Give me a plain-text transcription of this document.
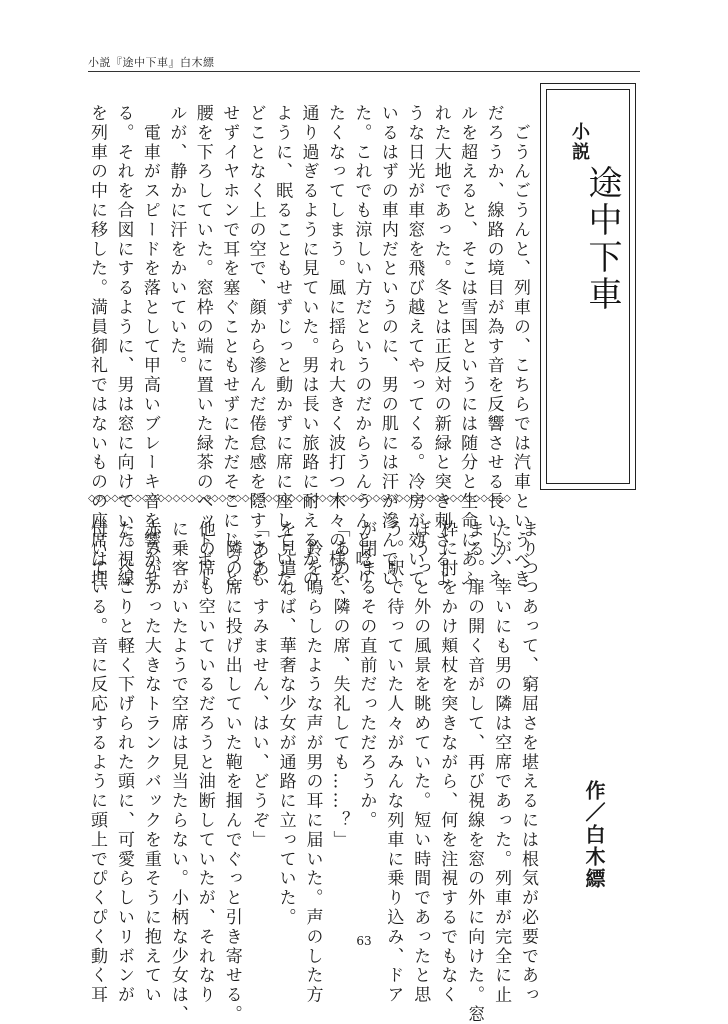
小説『途中下車』白木縹
小説
途中下車
作／白木縹
　ごうんごうんと、列車の、こちらでは汽車というべき
だろうか、線路の境目が為す音を反響させる長いトンネ
ルを超えると、そこは雪国というには随分と生命にあふ
れた大地であった。冬とは正反対の新緑と突き刺さるよ
うな日光が車窓を飛び越えてやってくる。冷房が効いて
いるはずの車内だというのに、男の肌には汗が滲んでい
た。これでも涼しい方だというのだからうんうんと唸り
たくなってしまう。風に揺られ大きく波打つ木々の様を、
通り過ぎるように見ていた。男は長い旅路に耐えるかの
ように、眠ることもせずじっと動かずに席に座していた。
どことなく上の空で、顔から滲んだ倦怠感を隠すことも
せずイヤホンで耳を塞ぐこともせずにただそこにじっと
腰を下ろしていた。窓枠の端に置いた緑茶のペットボト
ルが、静かに汗をかいていた。
　電車がスピードを落として甲高いブレーキ音を響かせ
る。それを合図にするように、男は窓に向けていた視線
を列車の中に移した。満員御礼ではないものの座席は埋
◇◇◇◇◇◇◇◇◇◇◇◇◇◇◇◇◇◇◇◇◇◇◇◇◇◇◇◇◇◇◇◇◇◇◇◇◇◇◇◇◇◇◇◇◇◇◇◇◇◇◇◇◇◇◇
まりつつあって、窮屈さを堪えるには根気が必要であっ
たが、幸いにも男の隣は空席であった。列車が完全に止
まる。扉の開く音がして、再び視線を窓の外に向けた。窓
枠に肘をかけ頬杖を突きながら、何を注視するでもなく
ぼうっと外の風景を眺めていた。短い時間であったと思
う。駅で待っていた人々がみんな列車に乗り込み、ドア
が閉まるその直前だっただろうか。
「あの、隣の席、失礼しても……？」
　鈴を鳴らしたような声が男の耳に届いた。声のした方
を見遣れば、華奢な少女が通路に立っていた。
「ああ、すみません、はい、どうぞ」
　隣の席に投げ出していた鞄を掴んでぐっと引き寄せる。
他の席も空いているだろうと油断していたが、それなり
に乗客がいたようで空席は見当たらない。小柄な少女は、
赤みがかった大きなトランクバックを重そうに抱えてい
た。ぺこりと軽く下げられた頭に、可愛らしいリボンが
付いている。音に反応するように頭上でぴくぴく動く耳	63
